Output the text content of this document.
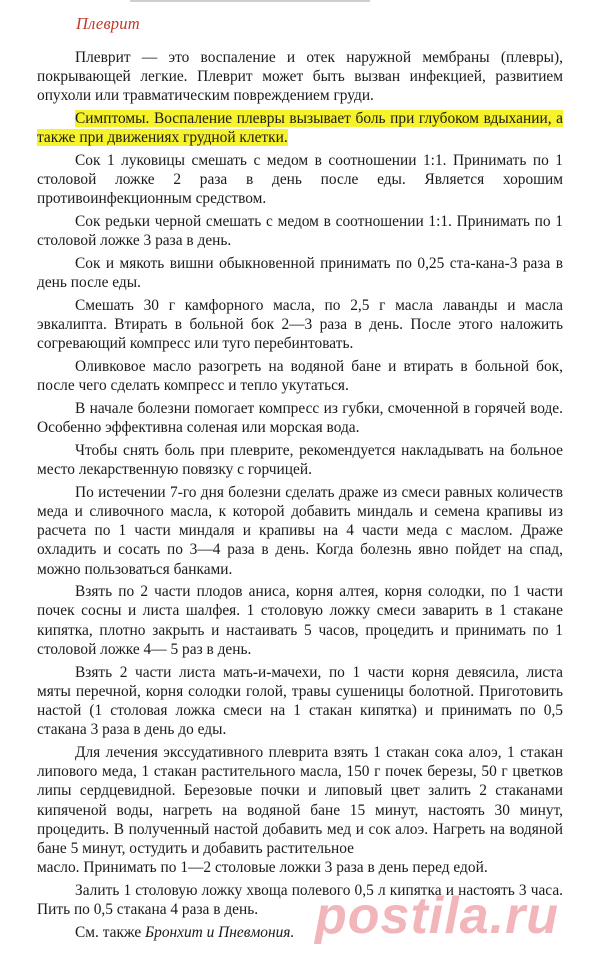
Плеврит

Плеврит — это воспаление и отек наружной мембраны (плевры), покрывающей легкие. Плеврит может быть вызван инфекцией, развитием опухоли или травматическим повреждением груди.

Симптомы. Воспаление плевры вызывает боль при глубоком вдыхании, а также при движениях грудной клетки.

Сок 1 луковицы смешать с медом в соотношении 1:1. Принимать по 1 столовой ложке 2 раза в день после еды. Является хорошим противоинфекционным средством.

Сок редьки черной смешать с медом в соотношении 1:1. Принимать по 1 столовой ложке 3 раза в день.

Сок и мякоть вишни обыкновенной принимать по 0,25 ста-кана-3 раза в день после еды.

Смешать 30 г камфорного масла, по 2,5 г масла лаванды и масла эвкалипта. Втирать в больной бок 2—3 раза в день. После этого наложить согревающий компресс или туго перебинтовать.

Оливковое масло разогреть на водяной бане и втирать в больной бок, после чего сделать компресс и тепло укутаться.

В начале болезни помогает компресс из губки, смоченной в горячей воде. Особенно эффективна соленая или морская вода.

Чтобы снять боль при плеврите, рекомендуется накладывать на больное место лекарственную повязку с горчицей.

По истечении 7-го дня болезни сделать драже из смеси равных количеств меда и сливочного масла, к которой добавить миндаль и семена крапивы из расчета по 1 части миндаля и крапивы на 4 части меда с маслом. Драже охладить и сосать по 3—4 раза в день. Когда болезнь явно пойдет на спад, можно пользоваться банками.

Взять по 2 части плодов аниса, корня алтея, корня солодки, по 1 части почек сосны и листа шалфея. 1 столовую ложку смеси заварить в 1 стакане кипятка, плотно закрыть и настаивать 5 часов, процедить и принимать по 1 столовой ложке 4— 5 раз в день.

Взять 2 части листа мать-и-мачехи, по 1 части корня девясила, листа мяты перечной, корня солодки голой, травы сушеницы болотной. Приготовить настой (1 столовая ложка смеси на 1 стакан кипятка) и принимать по 0,5 стакана 3 раза в день до еды.

Для лечения экссудативного плеврита взять 1 стакан сока алоэ, 1 стакан липового меда, 1 стакан растительного масла, 150 г почек березы, 50 г цветков липы сердцевидной. Березовые почки и липовый цвет залить 2 стаканами кипяченой воды, нагреть на водяной бане 15 минут, настоять 30 минут, процедить. В полученный настой добавить мед и сок алоэ. Нагреть на водяной бане 5 минут, остудить и добавить растительное

масло. Принимать по 1—2 столовые ложки 3 раза в день перед едой.

Залить 1 столовую ложку хвоща полевого 0,5 л кипятка и настоять 3 часа. Пить по 0,5 стакана 4 раза в день.

См. также Бронхит и Пневмония. postila.ru
